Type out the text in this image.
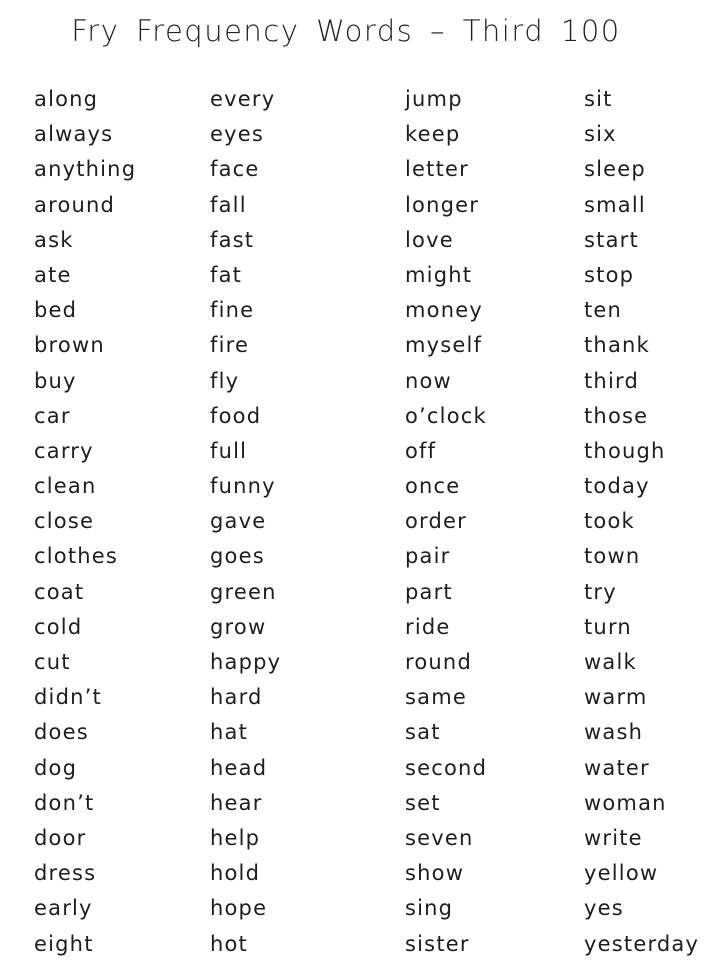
Fry Frequency Words – Third 100
along
always
anything
around
ask
ate
bed
brown
buy
car
carry
clean
close
clothes
coat
cold
cut
didn’t
does
dog
don’t
door
dress
early
eight
every
eyes
face
fall
fast
fat
fine
fire
fly
food
full
funny
gave
goes
green
grow
happy
hard
hat
head
hear
help
hold
hope
hot
jump
keep
letter
longer
love
might
money
myself
now
o’clock
off
once
order
pair
part
ride
round
same
sat
second
set
seven
show
sing
sister
sit
six
sleep
small
start
stop
ten
thank
third
those
though
today
took
town
try
turn
walk
warm
wash
water
woman
write
yellow
yes
yesterday
